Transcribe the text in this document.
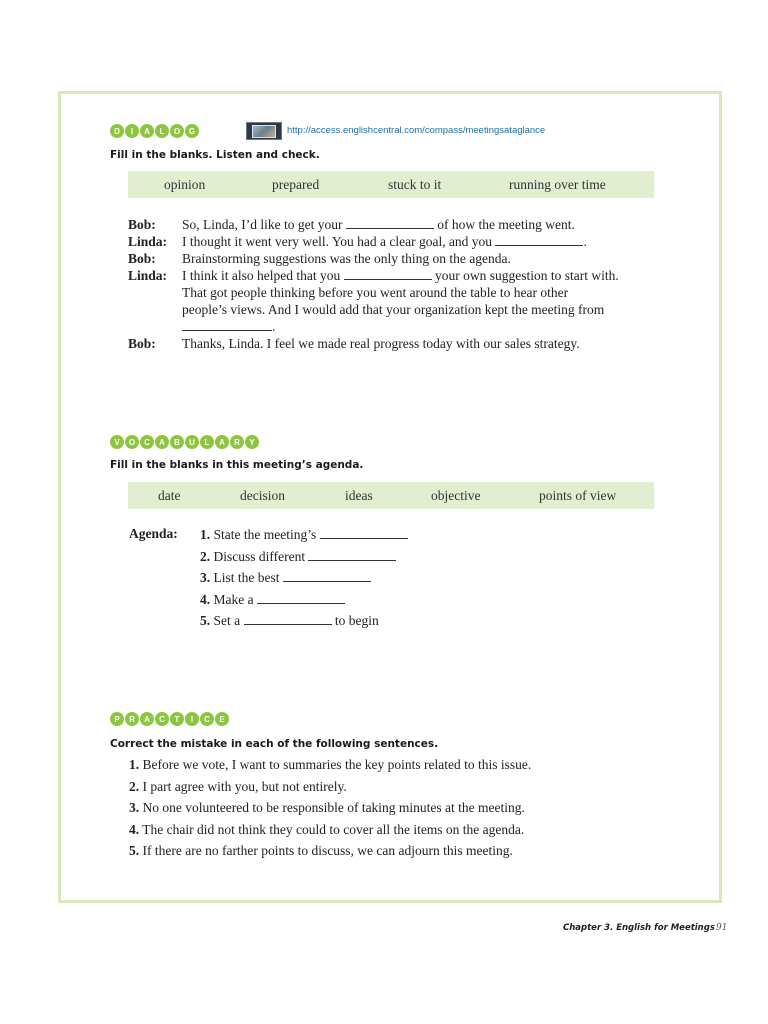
D	I	A	L	O	G	http://access.englishcentral.com/compass/meetingsataglance
Fill in the blanks. Listen and check.
opinion	prepared	stuck to it	running over time
Bob: So, Linda, I’d like to get your	of how the meeting went.
Linda: I thought it went very well. You had a clear goal, and you	.
Bob: Brainstorming suggestions was the only thing on the agenda.
Linda: I think it also helped that you	your own suggestion to start with.
That got people thinking before you went around the table to hear other
people’s views. And I would add that your organization kept the meeting from
.
Bob: Thanks, Linda. I feel we made real progress today with our sales strategy.
V	O	C	A	B	U	L	A	R	Y
Fill in the blanks in this meeting’s agenda.
date	decision	ideas	objective	points of view
Agenda: 1. State the meeting’s
2. Discuss different
3. List the best
4. Make a
5. Set a	to begin
P	R	A	C	T	I	C	E
Correct the mistake in each of the following sentences.
1. Before we vote, I want to summaries the key points related to this issue.
2. I part agree with you, but not entirely.
3. No one volunteered to be responsible of taking minutes at the meeting.
4. The chair did not think they could to cover all the items on the agenda.
5. If there are no farther points to discuss, we can adjourn this meeting.
Chapter 3. English for Meetings 91
